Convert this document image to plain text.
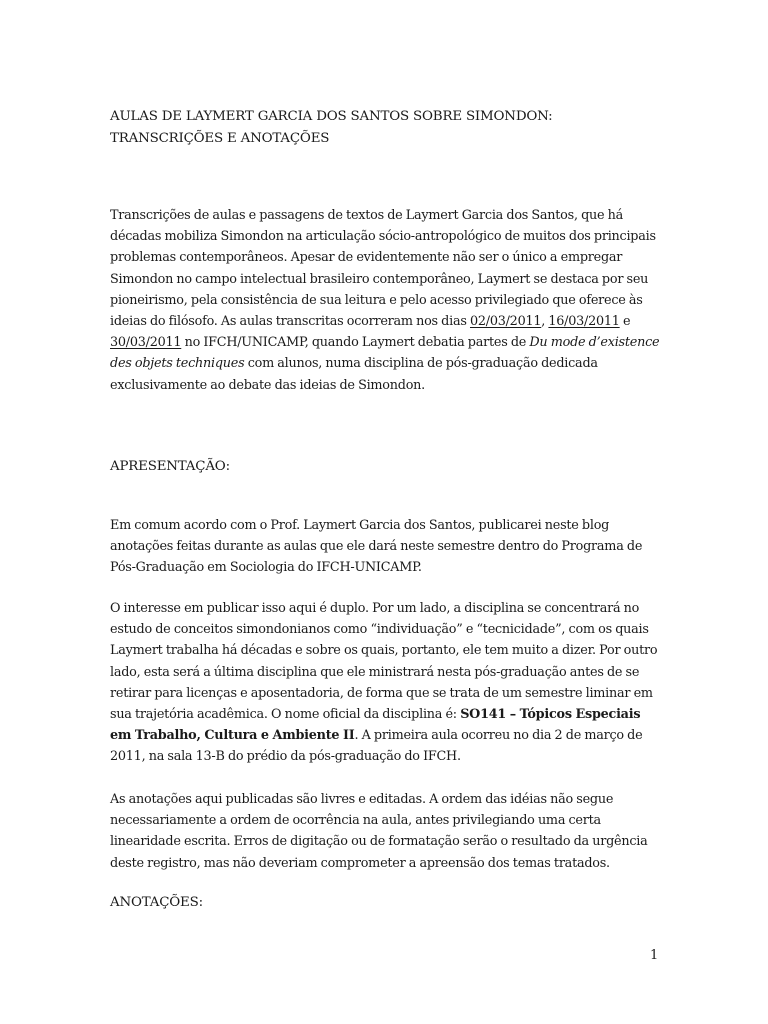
AULAS DE LAYMERT GARCIA DOS SANTOS SOBRE SIMONDON:
TRANSCRIÇÕES E ANOTAÇÕES

Transcrições de aulas e passagens de textos de Laymert Garcia dos Santos, que há décadas mobiliza Simondon na articulação sócio-antropológico de muitos dos principais problemas contemporâneos. Apesar de evidentemente não ser o único a empregar Simondon no campo intelectual brasileiro contemporâneo, Laymert se destaca por seu pioneirismo, pela consistência de sua leitura e pelo acesso privilegiado que oferece às ideias do filósofo. As aulas transcritas ocorreram nos dias 02/03/2011, 16/03/2011 e 30/03/2011 no IFCH/UNICAMP, quando Laymert debatia partes de Du mode d’existence des objets techniques com alunos, numa disciplina de pós-graduação dedicada exclusivamente ao debate das ideias de Simondon.

APRESENTAÇÃO:

Em comum acordo com o Prof. Laymert Garcia dos Santos, publicarei neste blog anotações feitas durante as aulas que ele dará neste semestre dentro do Programa de Pós-Graduação em Sociologia do IFCH-UNICAMP.

O interesse em publicar isso aqui é duplo. Por um lado, a disciplina se concentrará no estudo de conceitos simondonianos como “individuação” e “tecnicidade”, com os quais Laymert trabalha há décadas e sobre os quais, portanto, ele tem muito a dizer. Por outro lado, esta será a última disciplina que ele ministrará nesta pós-graduação antes de se retirar para licenças e aposentadoria, de forma que se trata de um semestre liminar em sua trajetória acadêmica. O nome oficial da disciplina é: SO141 – Tópicos Especiais em Trabalho, Cultura e Ambiente II. A primeira aula ocorreu no dia 2 de março de 2011, na sala 13-B do prédio da pós-graduação do IFCH.

As anotações aqui publicadas são livres e editadas. A ordem das idéias não segue necessariamente a ordem de ocorrência na aula, antes privilegiando uma certa linearidade escrita. Erros de digitação ou de formatação serão o resultado da urgência deste registro, mas não deveriam comprometer a apreensão dos temas tratados.

ANOTAÇÕES:
1
